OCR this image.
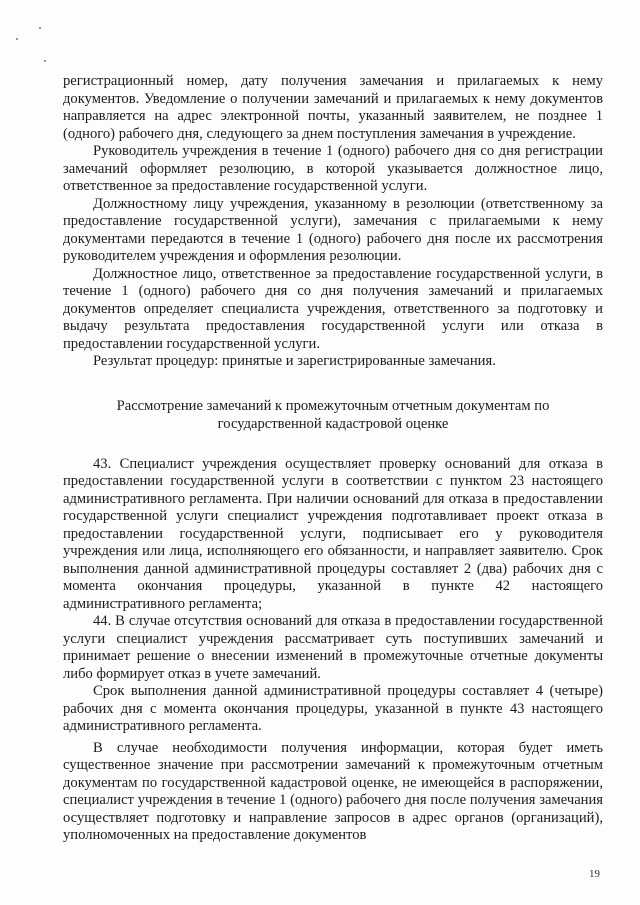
регистрационный номер, дату получения замечания и прилагаемых к нему документов. Уведомление о получении замечаний и прилагаемых к нему документов направляется на адрес электронной почты, указанный заявителем, не позднее 1 (одного) рабочего дня, следующего за днем поступления замечания в учреждение.

Руководитель учреждения в течение 1 (одного) рабочего дня со дня регистрации замечаний оформляет резолюцию, в которой указывается должностное лицо, ответственное за предоставление государственной услуги.

Должностному лицу учреждения, указанному в резолюции (ответственному за предоставление государственной услуги), замечания с прилагаемыми к нему документами передаются в течение 1 (одного) рабочего дня после их рассмотрения руководителем учреждения и оформления резолюции.

Должностное лицо, ответственное за предоставление государственной услуги, в течение 1 (одного) рабочего дня со дня получения замечаний и прилагаемых документов определяет специалиста учреждения, ответственного за подготовку и выдачу результата предоставления государственной услуги или отказа в предоставлении государственной услуги.

Результат процедур: принятые и зарегистрированные замечания.

Рассмотрение замечаний к промежуточным отчетным документам по
государственной кадастровой оценке

43. Специалист учреждения осуществляет проверку оснований для отказа в предоставлении государственной услуги в соответствии с пунктом 23 настоящего административного регламента. При наличии оснований для отказа в предоставлении государственной услуги специалист учреждения подготавливает проект отказа в предоставлении государственной услуги, подписывает его у руководителя учреждения или лица, исполняющего его обязанности, и направляет заявителю. Срок выполнения данной административной процедуры составляет 2 (два) рабочих дня с момента окончания процедуры, указанной в пункте 42 настоящего административного регламента;

44. В случае отсутствия оснований для отказа в предоставлении государственной услуги специалист учреждения рассматривает суть поступивших замечаний и принимает решение о внесении изменений в промежуточные отчетные документы либо формирует отказ в учете замечаний.

Срок выполнения данной административной процедуры составляет 4 (четыре) рабочих дня с момента окончания процедуры, указанной в пункте 43 настоящего административного регламента.

В случае необходимости получения информации, которая будет иметь существенное значение при рассмотрении замечаний к промежуточным отчетным документам по государственной кадастровой оценке, не имеющейся в распоряжении, специалист учреждения в течение 1 (одного) рабочего дня после получения замечания осуществляет подготовку и направление запросов в адрес органов (организаций), уполномоченных на предоставление документов

19
